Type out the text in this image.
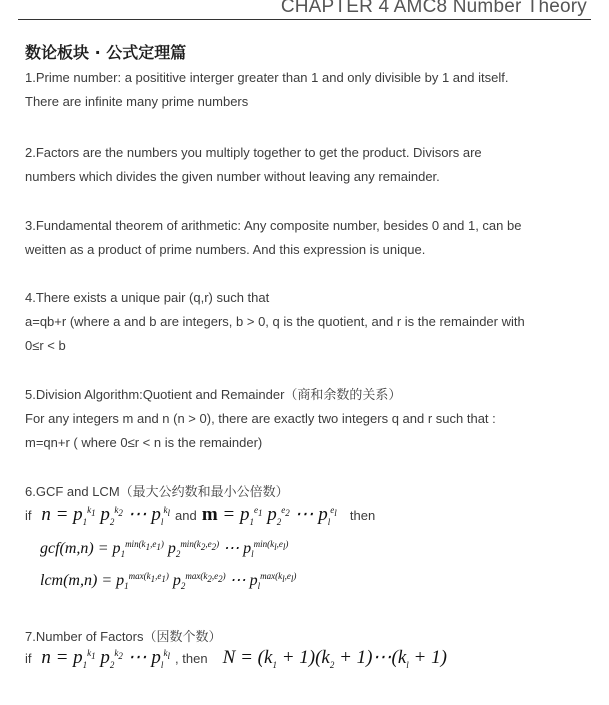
CHAPTER 4 AMC8 Number Theory
数论板块 · 公式定理篇
1.Prime number: a posititive interger greater than 1 and only divisible by 1 and itself.
There are infinite many prime numbers
2.Factors are the numbers you multiply together to get the product. Divisors are
numbers which divides the given number without leaving any remainder.
3.Fundamental theorem of arithmetic: Any composite number, besides 0 and 1, can be
weitten as a product of prime numbers. And this expression is unique.
4.There exists a unique pair (q,r) such that
a=qb+r (where a and b are integers, b > 0, q is the quotient, and r is the remainder with
0≤r < b
5.Division Algorithm:Quotient and Remainder（商和余数的关系）
For any integers m and n (n > 0), there are exactly two integers q and r such that :
m=qn+r ( where 0≤r < n is the remainder)
6.GCF and LCM（最大公约数和最小公倍数）
if  $n = p_1^{k_1}$ $p_2^{k_2}$ ⋯ $p_l^{k_l}$ and $m = p_1^{e_1}$ $p_2^{e_2}$ ⋯ $p_l^{e_l}$ then
$gcf(m,n) = p_1^{min(k_1,e_1)}$ $p_2^{min(k_2,e_2)}$ ⋯ $p_l^{min(k_l,e_l)}$
$lcm(m,n) = p_1^{max(k_1,e_1)}$ $p_2^{max(k_2,e_2)}$ ⋯ $p_l^{max(k_l,e_l)}$
7.Number of Factors（因数个数）
if  $n = p_1^{k_1}$ $p_2^{k_2}$ ⋯ $p_l^{k_l}$ , then $N = (k_1 + 1)(k_2$ + $1)\cdots(k_l + 1)$
